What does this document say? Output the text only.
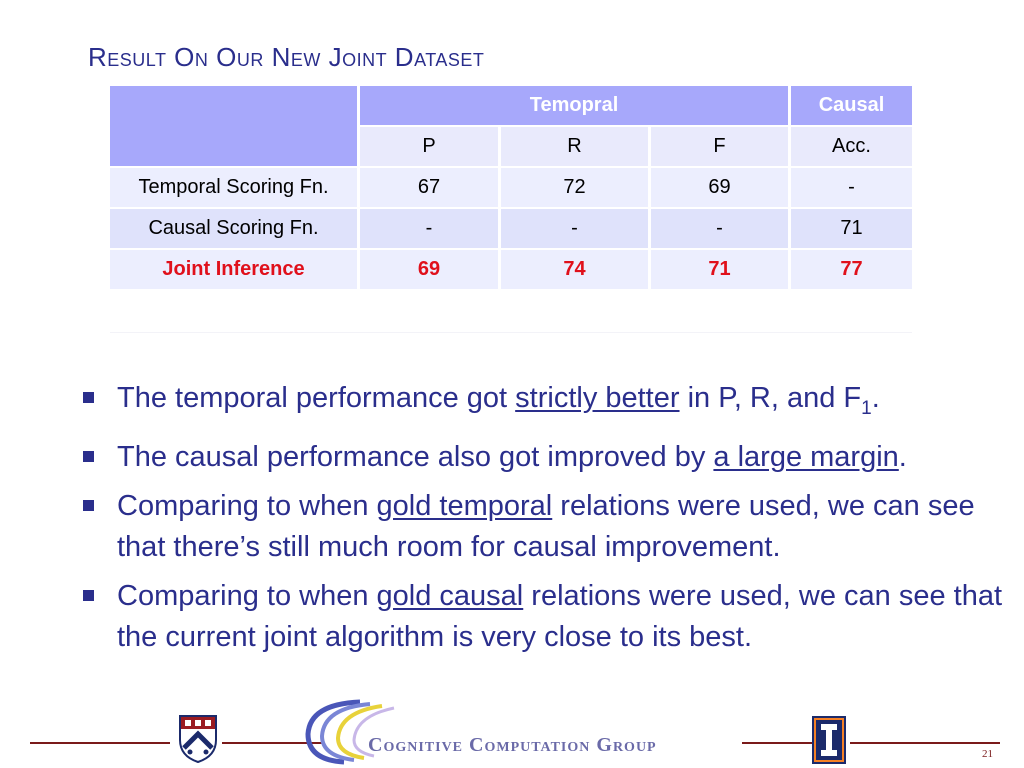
Result On Our New Joint Dataset
	Temopral			Causal
	P	R	F	Acc.
Temporal Scoring Fn.	67	72	69	-
Causal Scoring Fn.	-	-	-	71
Joint Inference	69	74	71	77
The temporal performance got strictly better in P, R, and $F_1$.
The causal performance also got improved by a large margin.
Comparing to when gold temporal relations were used, we can see that there’s still much room for causal improvement.
Comparing to when gold causal relations were used, we can see that the current joint algorithm is very close to its best.
Cognitive Computation Group	21
